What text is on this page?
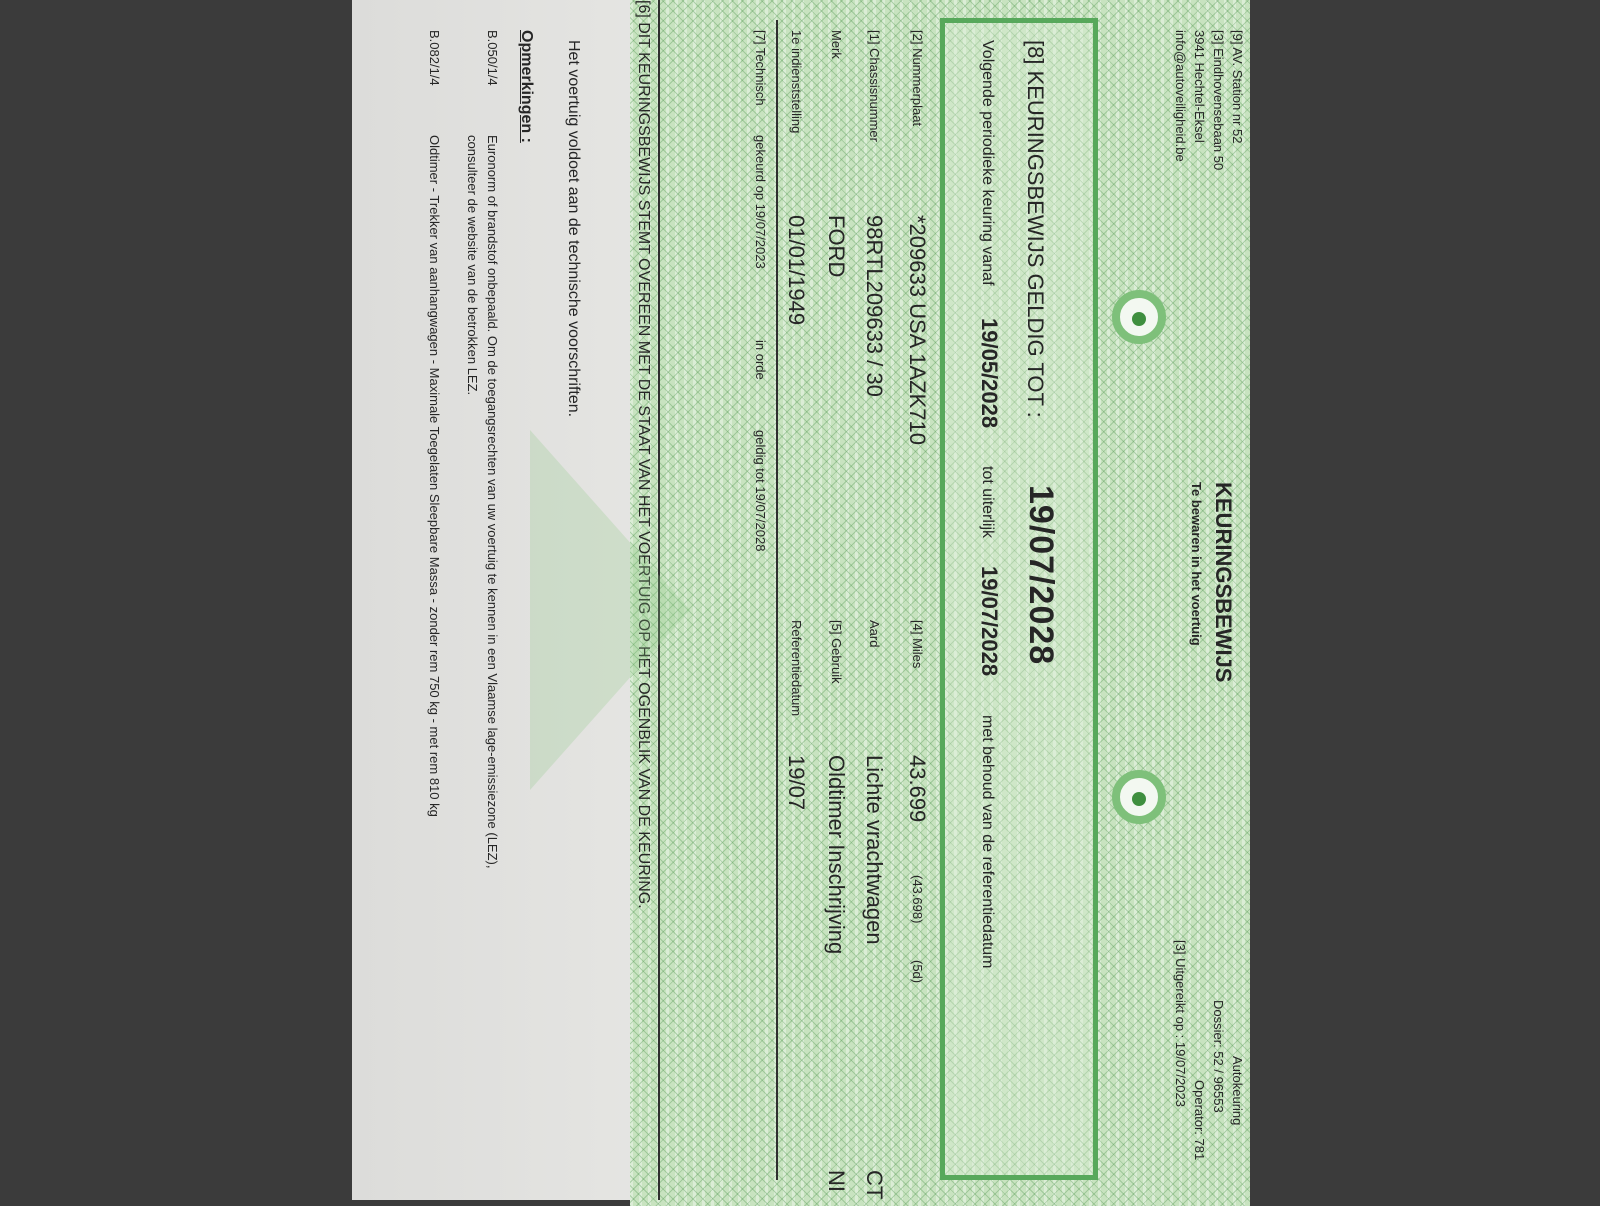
[9] AV. Station nr 52
[3] Eindhovensebaan 50
3941 Hechtel-Eksel
info@autoveiligheid.be
KEURINGSBEWIJS
Te bewaren in het voertuig
Autokeuring
Dossier: 52 / 96553
Operator: 781
[3] Uitgereikt op : 19/07/2023
[8] KEURINGSBEWIJS GELDIG TOT :
19/07/2028
Volgende periodieke keuring vanaf
19/05/2028
tot uiterlijk
19/07/2028
met behoud van de referentiedatum
[2] Nummerplaat
*209633 USA 1AZK710
[4] Miles
43.699
(43.698)
(5d)
[1] Chassisnummer
98RTL209633 / 30
Aard
Lichte vrachtwagen
CT
Merk
FORD
[5] Gebruik
Oldtimer Inschrijving
NI
1e indienststelling
01/01/1949
Referentiedatum
19/07
[7] Technisch
gekeurd op 19/07/2023
in orde
geldig tot 19/07/2028
[6] DIT KEURINGSBEWIJS STEMT OVEREEN MET DE STAAT VAN HET VOERTUIG OP HET OGENBLIK VAN DE KEURING.
Het voertuig voldoet aan de technische voorschriften.
Opmerkingen :
B.050/1/4
Euronorm of brandstof onbepaald. Om de toegangsrechten van uw voertuig te kennen in een Vlaamse lage-emissiezone (LEZ),
consulteer de website van de betrokken LEZ.
B.082/1/4
Oldtimer - Trekker van aanhangwagen - Maximale Toegelaten Sleepbare Massa - zonder rem 750 kg - met rem 810 kg
